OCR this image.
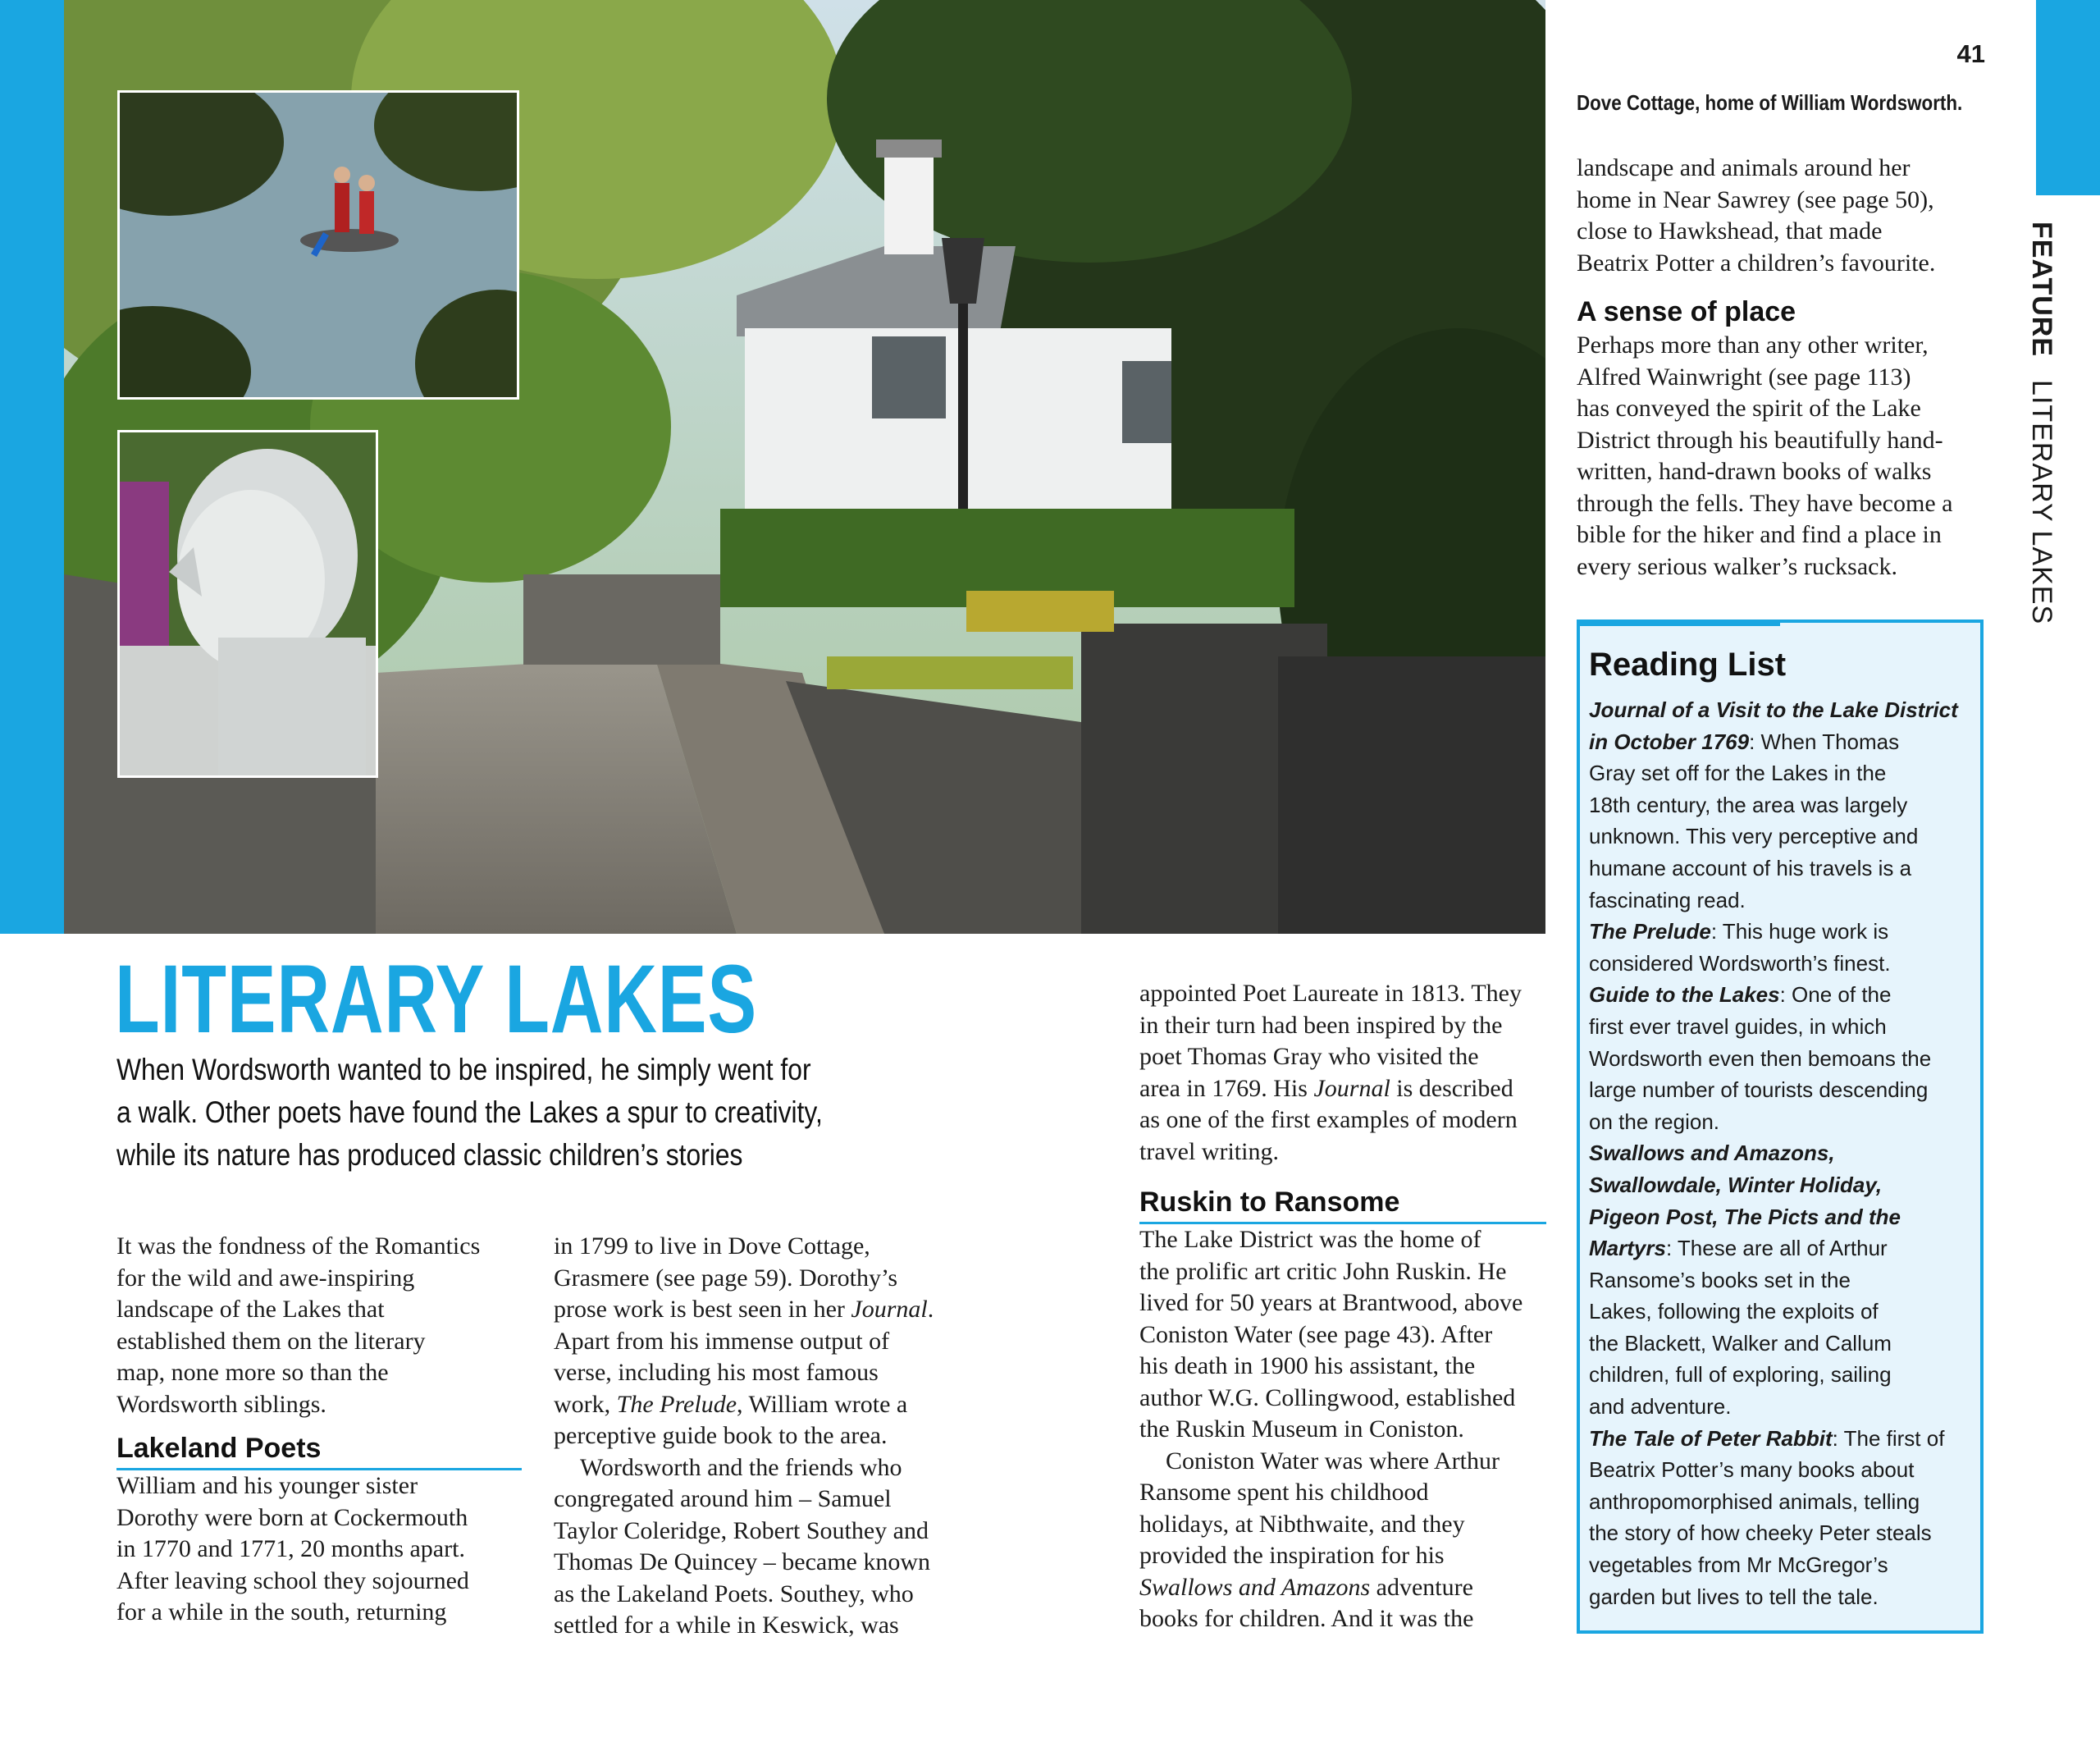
41
Dove Cottage, home of William Wordsworth.
FEATURELITERARY LAKES
LITERARY LAKES
When Wordsworth wanted to be inspired, he simply went for
a walk. Other poets have found the Lakes a spur to creativity,
while its nature has produced classic children’s stories
It was the fondness of the Romantics
for the wild and awe-inspiring
landscape of the Lakes that
established them on the literary
map, none more so than the
Wordsworth siblings.
Lakeland Poets
William and his younger sister
Dorothy were born at Cockermouth
in 1770 and 1771, 20 months apart.
After leaving school they sojourned
for a while in the south, returning
in 1799 to live in Dove Cottage,
Grasmere (see page 59). Dorothy’s
prose work is best seen in her Journal.
Apart from his immense output of
verse, including his most famous
work, The Prelude, William wrote a
perceptive guide book to the area.
Wordsworth and the friends who
congregated around him – Samuel
Taylor Coleridge, Robert Southey and
Thomas De Quincey – became known
as the Lakeland Poets. Southey, who
settled for a while in Keswick, was
appointed Poet Laureate in 1813. They
in their turn had been inspired by the
poet Thomas Gray who visited the
area in 1769. His Journal is described
as one of the first examples of modern
travel writing.
Ruskin to Ransome
The Lake District was the home of
the prolific art critic John Ruskin. He
lived for 50 years at Brantwood, above
Coniston Water (see page 43). After
his death in 1900 his assistant, the
author W.G. Collingwood, established
the Ruskin Museum in Coniston.
Coniston Water was where Arthur
Ransome spent his childhood
holidays, at Nibthwaite, and they
provided the inspiration for his
Swallows and Amazons adventure
books for children. And it was the
landscape and animals around her
home in Near Sawrey (see page 50),
close to Hawkshead, that made
Beatrix Potter a children’s favourite.
A sense of place
Perhaps more than any other writer,
Alfred Wainwright (see page 113)
has conveyed the spirit of the Lake
District through his beautifully hand-
written, hand-drawn books of walks
through the fells. They have become a
bible for the hiker and find a place in
every serious walker’s rucksack.
Reading List
Journal of a Visit to the Lake District
in October 1769: When Thomas
Gray set off for the Lakes in the
18th century, the area was largely
unknown. This very perceptive and
humane account of his travels is a
fascinating read.
The Prelude: This huge work is
considered Wordsworth’s finest.
Guide to the Lakes: One of the
first ever travel guides, in which
Wordsworth even then bemoans the
large number of tourists descending
on the region.
Swallows and Amazons,
Swallowdale, Winter Holiday,
Pigeon Post, The Picts and the
Martyrs: These are all of Arthur
Ransome’s books set in the
Lakes, following the exploits of
the Blackett, Walker and Callum
children, full of exploring, sailing
and adventure.
The Tale of Peter Rabbit: The first of
Beatrix Potter’s many books about
anthropomorphised animals, telling
the story of how cheeky Peter steals
vegetables from Mr McGregor’s
garden but lives to tell the tale.
